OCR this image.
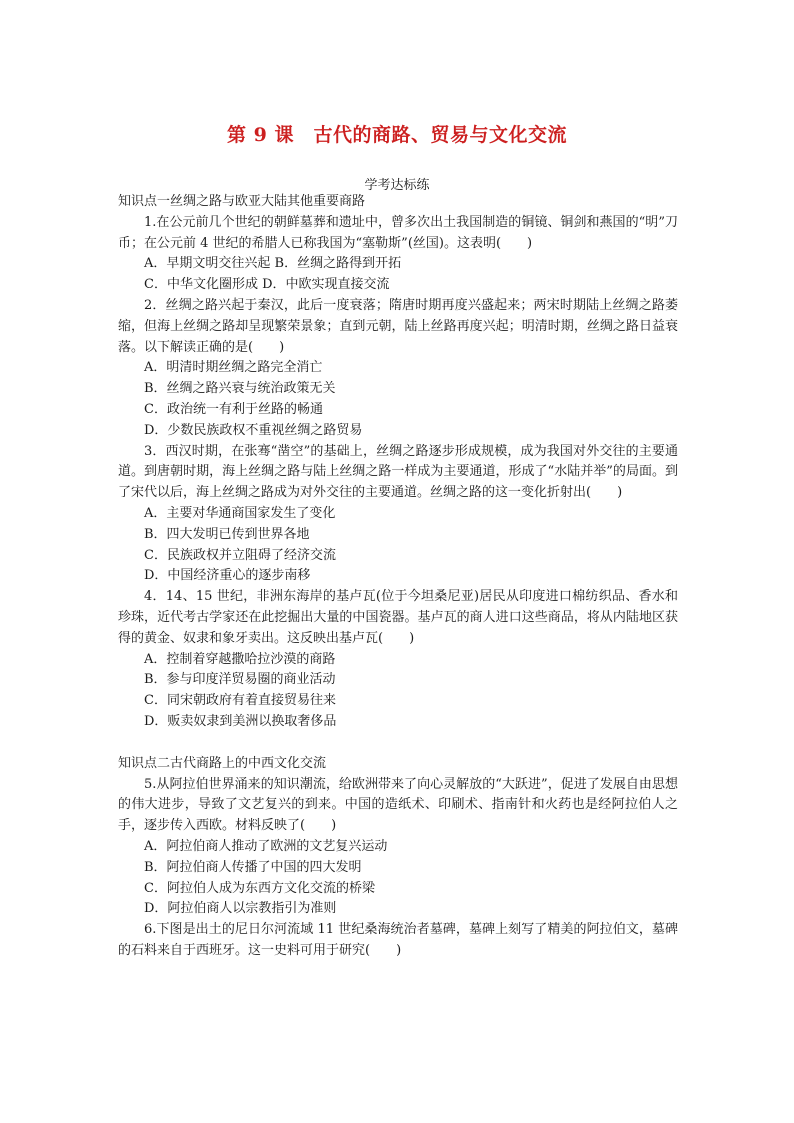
第 9 课　古代的商路、贸易与文化交流
学考达标练

知识点一丝绸之路与欧亚大陆其他重要商路

1.在公元前几个世纪的朝鲜墓葬和遗址中，曾多次出土我国制造的铜镜、铜剑和燕国的“明”刀币；在公元前 4 世纪的希腊人已称我国为“塞勒斯”(丝国)。这表明(　　)

A．早期文明交往兴起 B．丝绸之路得到开拓

C．中华文化圈形成 D．中欧实现直接交流

2．丝绸之路兴起于秦汉，此后一度衰落；隋唐时期再度兴盛起来；两宋时期陆上丝绸之路萎缩，但海上丝绸之路却呈现繁荣景象；直到元朝，陆上丝路再度兴起；明清时期，丝绸之路日益衰落。以下解读正确的是(　　)

A．明清时期丝绸之路完全消亡

B．丝绸之路兴衰与统治政策无关

C．政治统一有利于丝路的畅通

D．少数民族政权不重视丝绸之路贸易

3．西汉时期，在张骞“凿空”的基础上，丝绸之路逐步形成规模，成为我国对外交往的主要通道。到唐朝时期，海上丝绸之路与陆上丝绸之路一样成为主要通道，形成了“水陆并举”的局面。到了宋代以后，海上丝绸之路成为对外交往的主要通道。丝绸之路的这一变化折射出(　　)

A．主要对华通商国家发生了变化

B．四大发明已传到世界各地

C．民族政权并立阻碍了经济交流

D．中国经济重心的逐步南移

4．14、15 世纪，非洲东海岸的基卢瓦(位于今坦桑尼亚)居民从印度进口棉纺织品、香水和珍珠，近代考古学家还在此挖掘出大量的中国瓷器。基卢瓦的商人进口这些商品，将从内陆地区获得的黄金、奴隶和象牙卖出。这反映出基卢瓦(　　)

A．控制着穿越撒哈拉沙漠的商路

B．参与印度洋贸易圈的商业活动

C．同宋朝政府有着直接贸易往来

D．贩卖奴隶到美洲以换取奢侈品

知识点二古代商路上的中西文化交流

5.从阿拉伯世界涌来的知识潮流，给欧洲带来了向心灵解放的“大跃进”，促进了发展自由思想的伟大进步，导致了文艺复兴的到来。中国的造纸术、印刷术、指南针和火药也是经阿拉伯人之手，逐步传入西欧。材料反映了(　　)

A．阿拉伯商人推动了欧洲的文艺复兴运动

B．阿拉伯商人传播了中国的四大发明

C．阿拉伯人成为东西方文化交流的桥梁

D．阿拉伯商人以宗教指引为准则

6.下图是出土的尼日尔河流域 11 世纪桑海统治者墓碑，墓碑上刻写了精美的阿拉伯文，墓碑的石料来自于西班牙。这一史料可用于研究(　　)
